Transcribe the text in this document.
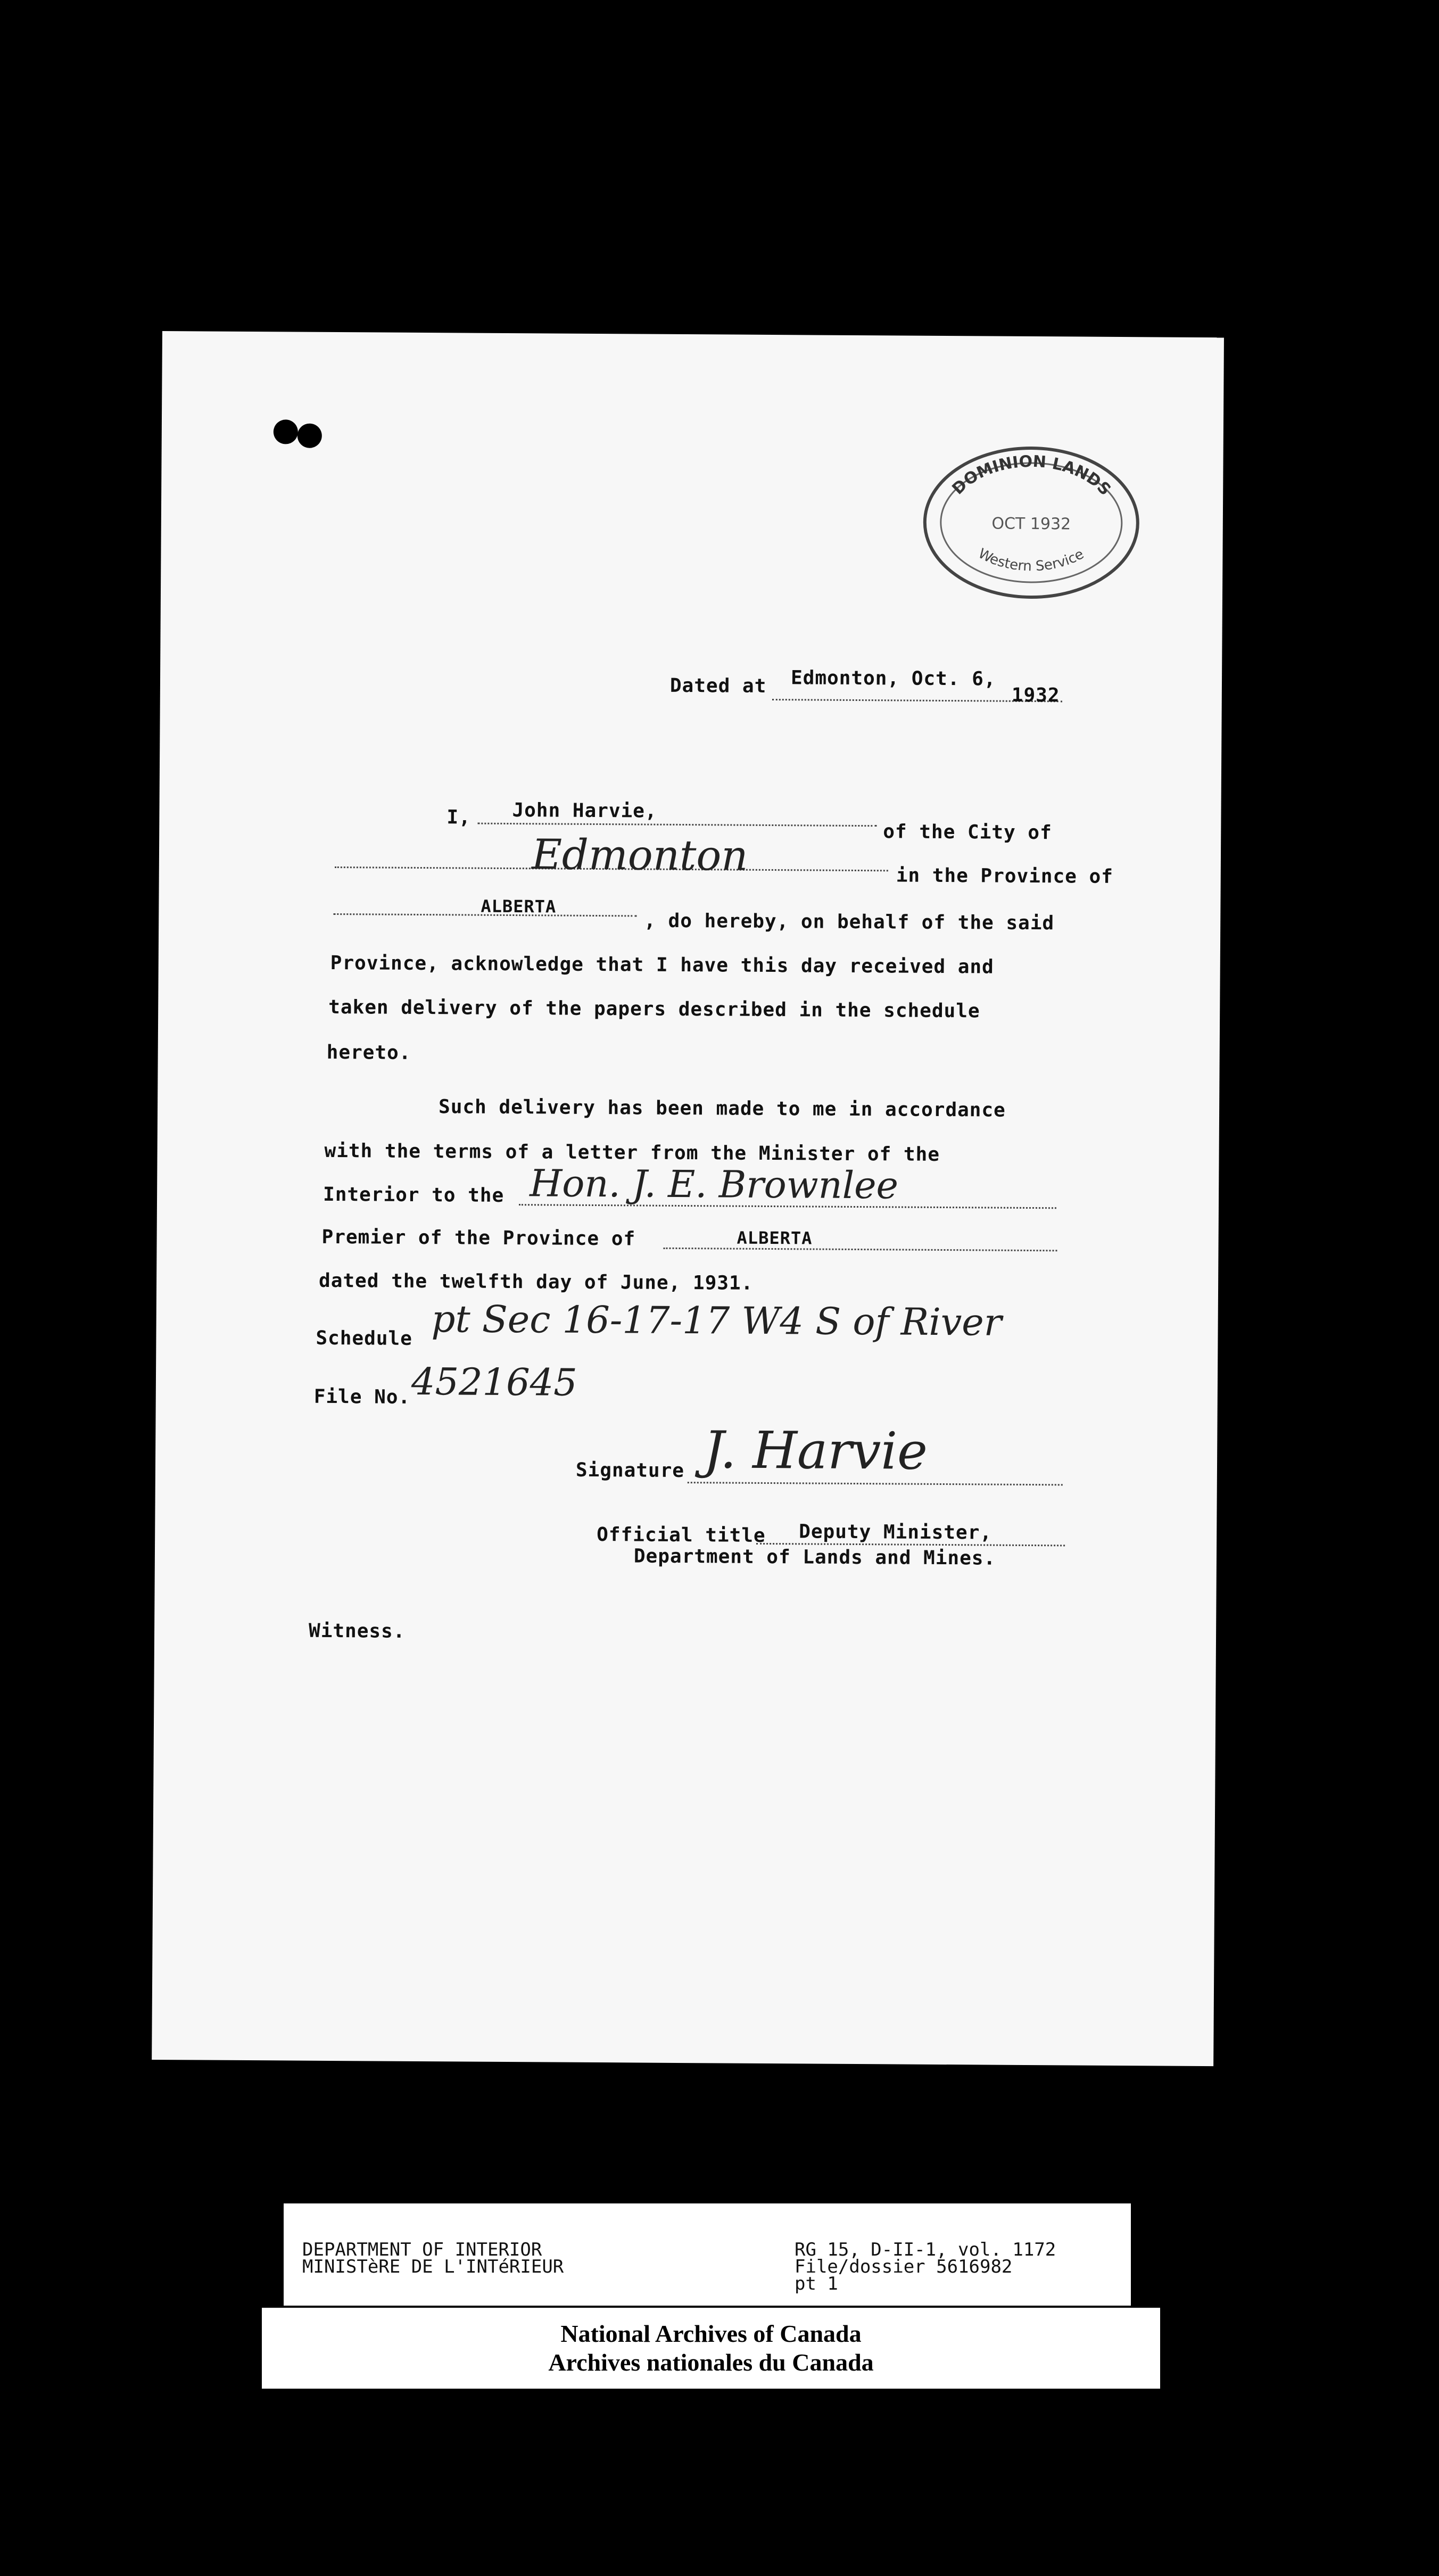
DOMINION LANDS
OCT 1932
Western Service
Dated at Edmonton, Oct. 6,
1932
I, John Harvie,
of the City of
Edmonton	in the Province of
ALBERTA
, do hereby, on behalf of the said
Province, acknowledge that I have this day received and
taken delivery of the papers described in the schedule
hereto.
Such delivery has been made to me in accordance
with the terms of a letter from the Minister of the
Interior to the Hon. J. E. Brownlee
Premier of the Province of	ALBERTA
dated the twelfth day of June, 1931.
Schedule pt Sec 16-17-17 W4 S of River
File No. 4521645
Signature J. Harvie
Official title Deputy Minister,
Department of Lands and Mines.
Witness.
DEPARTMENT OF INTERIOR
MINISTèRE DE L'INTéRIEUR
RG 15, D-II-1, vol. 1172
File/dossier 5616982
pt 1
National Archives of Canada
Archives nationales du Canada
